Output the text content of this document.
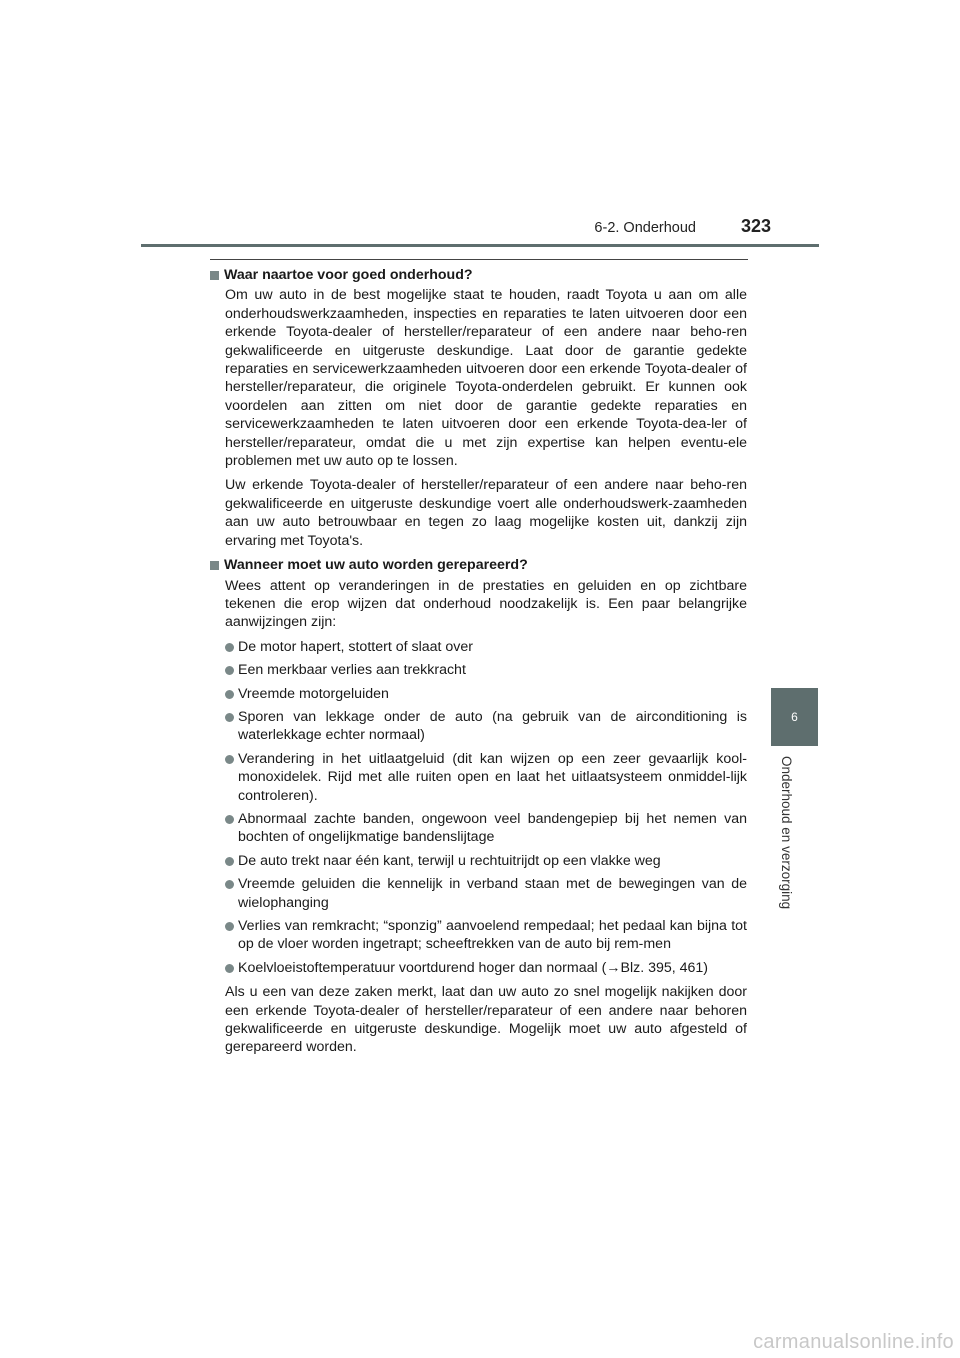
6-2. Onderhoud	323
6
Onderhoud en verzorging
Waar naartoe voor goed onderhoud?

Om uw auto in de best mogelijke staat te houden, raadt Toyota u aan om alle onderhoudswerkzaamheden, inspecties en reparaties te laten uitvoeren door een erkende Toyota-dealer of hersteller/reparateur of een andere naar beho-ren gekwalificeerde en uitgeruste deskundige. Laat door de garantie gedekte reparaties en servicewerkzaamheden uitvoeren door een erkende Toyota-dealer of hersteller/reparateur, die originele Toyota-onderdelen gebruikt. Er kunnen ook voordelen aan zitten om niet door de garantie gedekte reparaties en servicewerkzaamheden te laten uitvoeren door een erkende Toyota-dea-ler of hersteller/reparateur, omdat die u met zijn expertise kan helpen eventu-ele problemen met uw auto op te lossen.

Uw erkende Toyota-dealer of hersteller/reparateur of een andere naar beho-ren gekwalificeerde en uitgeruste deskundige voert alle onderhoudswerk-zaamheden aan uw auto betrouwbaar en tegen zo laag mogelijke kosten uit, dankzij zijn ervaring met Toyota's.

Wanneer moet uw auto worden gerepareerd?

Wees attent op veranderingen in de prestaties en geluiden en op zichtbare tekenen die erop wijzen dat onderhoud noodzakelijk is. Een paar belangrijke aanwijzingen zijn:

De motor hapert, stottert of slaat over
Een merkbaar verlies aan trekkracht
Vreemde motorgeluiden
Sporen van lekkage onder de auto (na gebruik van de airconditioning is waterlekkage echter normaal)
Verandering in het uitlaatgeluid (dit kan wijzen op een zeer gevaarlijk kool-monoxidelek. Rijd met alle ruiten open en laat het uitlaatsysteem onmiddel-lijk controleren).
Abnormaal zachte banden, ongewoon veel bandengepiep bij het nemen van bochten of ongelijkmatige bandenslijtage
De auto trekt naar één kant, terwijl u rechtuitrijdt op een vlakke weg
Vreemde geluiden die kennelijk in verband staan met de bewegingen van de wielophanging
Verlies van remkracht; “sponzig” aanvoelend rempedaal; het pedaal kan bijna tot op de vloer worden ingetrapt; scheeftrekken van de auto bij rem-men
Koelvloeistoftemperatuur voortdurend hoger dan normaal (→Blz. 395, 461)

Als u een van deze zaken merkt, laat dan uw auto zo snel mogelijk nakijken door een erkende Toyota-dealer of hersteller/reparateur of een andere naar behoren gekwalificeerde en uitgeruste deskundige. Mogelijk moet uw auto afgesteld of gerepareerd worden.

carmanualsonline.info
